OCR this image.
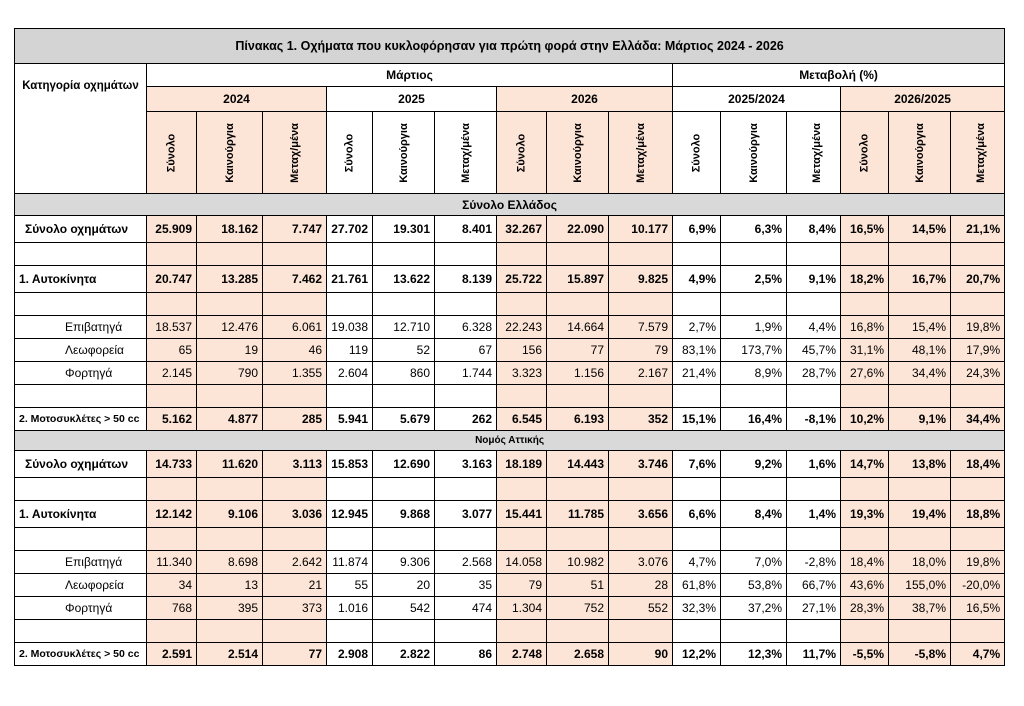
Πίνακας 1. Οχήματα που κυκλοφόρησαν για πρώτη φορά στην Ελλάδα: Μάρτιος 2024 - 2026															
Κατηγορία οχημάτων	Μάρτιος									Μεταβολή (%)					
	2024			2025			2026			2025/2024			2026/2025		
	Σύνολο	Καινούργια	Μεταχ/μένα	Σύνολο	Καινούργια	Μεταχ/μένα	Σύνολο	Καινούργια	Μεταχ/μένα	Σύνολο	Καινούργια	Μεταχ/μένα	Σύνολο	Καινούργια	Μεταχ/μένα
Σύνολο Ελλάδος															
Σύνολο οχημάτων	25.909	18.162	7.747	27.702	19.301	8.401	32.267	22.090	10.177	6,9%	6,3%	8,4%	16,5%	14,5%	21,1%

1. Αυτοκίνητα	20.747	13.285	7.462	21.761	13.622	8.139	25.722	15.897	9.825	4,9%	2,5%	9,1%	18,2%	16,7%	20,7%

Επιβατηγά	18.537	12.476	6.061	19.038	12.710	6.328	22.243	14.664	7.579	2,7%	1,9%	4,4%	16,8%	15,4%	19,8%
Λεωφορεία	65	19	46	119	52	67	156	77	79	83,1%	173,7%	45,7%	31,1%	48,1%	17,9%
Φορτηγά	2.145	790	1.355	2.604	860	1.744	3.323	1.156	2.167	21,4%	8,9%	28,7%	27,6%	34,4%	24,3%

2. Μοτοσυκλέτες > 50 cc	5.162	4.877	285	5.941	5.679	262	6.545	6.193	352	15,1%	16,4%	-8,1%	10,2%	9,1%	34,4%
Νομός Αττικής															
Σύνολο οχημάτων	14.733	11.620	3.113	15.853	12.690	3.163	18.189	14.443	3.746	7,6%	9,2%	1,6%	14,7%	13,8%	18,4%

1. Αυτοκίνητα	12.142	9.106	3.036	12.945	9.868	3.077	15.441	11.785	3.656	6,6%	8,4%	1,4%	19,3%	19,4%	18,8%

Επιβατηγά	11.340	8.698	2.642	11.874	9.306	2.568	14.058	10.982	3.076	4,7%	7,0%	-2,8%	18,4%	18,0%	19,8%
Λεωφορεία	34	13	21	55	20	35	79	51	28	61,8%	53,8%	66,7%	43,6%	155,0%	-20,0%
Φορτηγά	768	395	373	1.016	542	474	1.304	752	552	32,3%	37,2%	27,1%	28,3%	38,7%	16,5%

2. Μοτοσυκλέτες > 50 cc	2.591	2.514	77	2.908	2.822	86	2.748	2.658	90	12,2%	12,3%	11,7%	-5,5%	-5,8%	4,7%
